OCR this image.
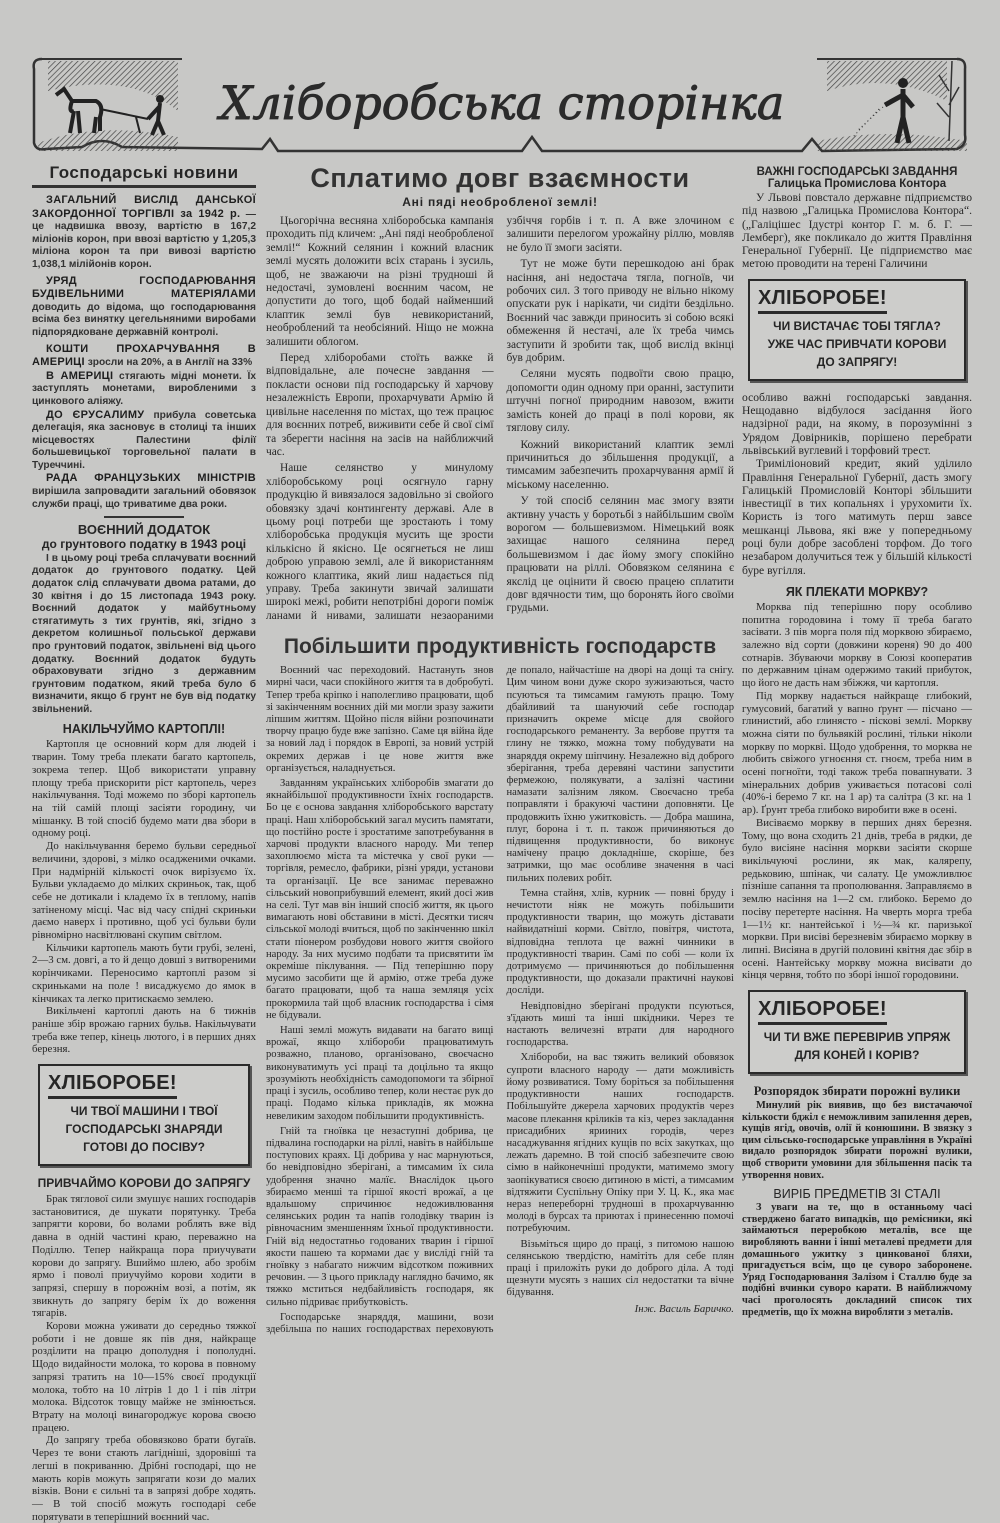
Хліборобська сторінка
Господарські новини

ЗАГАЛЬНИЙ ВИСЛІД ДАНСЬКОЇ ЗАКОРДОННОЇ ТОРГІВЛІ за 1942 р. — це надвишка ввозу, вартістю в 167,2 міліонів корон, при ввозі вартістю у 1,205,3 міліона корон та при вивозі вартістю 1,038,1 мілійонів корон.

УРЯД ГОСПОДАРЮВАННЯ БУДІВЕЛЬНИМИ МАТЕРІЯЛАМИ доводить до відома, що господарювання всіма без винятку цегельняними виробами підпорядковане державній контролі.

КОШТИ ПРОХАРЧУВАННЯ В АМЕРИЦІ зросли на 20%, а в Англії на 33%

В АМЕРИЦІ стягають мідні монети. Їх заступлять монетами, виробленими з цинкового аліяжу.

ДО ЄРУСАЛИМУ прибула советська делегація, яка засновує в столиці та інших місцевостях Палестини філії большевицької торговельної палати в Туреччині.

РАДА ФРАНЦУЗЬКИХ МІНІСТРІВ вирішила запровадити загальний обовязок служби праці, що триватиме два роки.

ВОЄННИЙ ДОДАТОК
до грунтового податку в 1943 році

І в цьому році треба сплачувати воєнний додаток до грунтового податку. Цей додаток слід сплачувати двома ратами, до 30 квітня і до 15 листопада 1943 року. Воєнний додаток у майбутньому стягатимуть з тих грунтів, які, згідно з декретом колишньої польської держави про грунтовий податок, звільнені від цього додатку. Воєнний додаток будуть обраховувати згідно з державним грунтовим податком, який треба було б визначити, якщо б грунт не був від податку звільнений.

НАКІЛЬЧУЙМО КАРТОПЛІ!

Картопля це основний корм для людей і тварин. Тому треба плекати багато картопель, зокрема тепер. Щоб використати управну площу треба прискорити ріст картопель, через накільчування. Тоді можемо по зборі картопель на тій самій площі засіяти городину, чи мішанку. В той спосіб будемо мати два збори в одному році.

До накільчування беремо бульви середньої величини, здорові, з мілко осадженими очками. При надмірній кількості очок вирізуємо їх. Бульви укладаємо до мілких скриньок, так, щоб себе не дотикали і кладемо їх в теплому, напів затіненому місці. Час від часу спідні скриньки даємо наверх і противно, щоб усі бульви були рівномірно насвітлювані скупим світлом.

Кільчики картопель мають бути грубі, зелені, 2—3 см. довгі, а то й дещо довші з витвореними корінчиками. Переносимо картоплі разом зі скриньками на поле ! висаджуємо до ямок в кінчиках та легко притискаємо землею.

Викільчені картоплі дають на 6 тижнів раніше збір врожаю гарних бульв. Накільчувати треба вже тепер, кінець лютого, і в перших днях березня.

ХЛІБОРОБЕ!
ЧИ ТВОЇ МАШИНИ І ТВОЇ
ГОСПОДАРСЬКІ ЗНАРЯДИ
ГОТОВІ ДО ПОСІВУ?
ПРИВЧАЙМО КОРОВИ ДО ЗАПРЯГУ

Брак тяглової сили змушує наших господарів застановитися, де шукати порятунку. Треба запрягти корови, бо волами роблять вже від давна в одній частині краю, переважно на Поділлю. Тепер найкраща пора приучувати корови до запрягу. Вшиймо шлею, або зробім ярмо і поволі приучуймо корови ходити в запрязі, спершу в порожнім возі, а потім, як звикнуть до запрягу берім їх до воження тягарів.

Корови можна уживати до середньо тяжкої роботи і не довше як пів дня, найкраще розділити на працю дополудня і пополудні. Щодо видайности молока, то корова в повному запрязі тратить на 10—15% своєї продукції молока, тобто на 10 літрів 1 до 1 і пів літри молока. Відсоток товщу майже не змінюється. Втрату на молоці винагороджує корова своєю працею.

До запрягу треба обовязково брати бугаїв. Через те вони стають лагідніші, здоровіші та легші в покриванню. Дрібні господарі, що не мають корів можуть запрягати кози до малих візків. Вони є сильні та в запрязі добре ходять. — В той спосіб можуть господарі себе порятувати в теперішний воєнний час.

Сплатимо довг взаємности
Ані пяді необробленої землі!

Цьогорічна весняна хліборобська кампанія проходить під кличем: „Ані пяді необробленої землі!“ Кожний селянин і кожний власник землі мусять доложити всіх старань і зусиль, щоб, не зважаючи на різні трудноші й недостачі, зумовлені воєнним часом, не допустити до того, щоб бодай найменший клаптик землі був невикористаний, необроблений та необсіяний. Ніщо не можна залишити облогом.

Перед хліборобами стоїть важке й відповідальне, але почесне завдання — покласти основи під господарську й харчову незалежність Европи, прохарчувати Армію й цивільне населення по містах, що теж працює для воєнних потреб, виживити себе й свої сімї та зберегти насіння на засів на найближчий час.

Наше селянство у минулому хліборобському році осягнуло гарну продукцію й вивязалося задовільно зі свойого обовязку здачі контингенту державі. Але в цьому році потреби ще зростають і тому хліборобська продукція мусить ще зрости кількісно й якісно. Це осягнеться не лиш доброю управою землі, але й використанням кожного клаптика, який лиш надається під управу. Треба закинути звичай залишати широкі межі, робити непотрібні дороги поміж ланами й нивами, залишати незаораними узбіччя горбів і т. п. А вже злочином є залишити перелогом урожайну ріллю, мовляв не було її змоги засіяти.

Тут не може бути перешкодою ані брак насіння, ані недостача тягла, погноїв, чи робочих сил. З того приводу не вільно нікому опускати рук і нарікати, чи сидіти бездільно. Воєнний час завжди приносить зі собою всякі обмеження й нестачі, але їх треба чимсь заступити й зробити так, щоб вислід вкінці був добрим.

Селяни мусять подвоїти свою працю, допомогти один одному при оранні, заступити штучні погної природним навозом, вжити замість коней до праці в полі корови, як тяглову силу.

Кожний використаний клаптик землі причиниться до збільшення продукції, а тимсамим забезпечить прохарчування армії й міському населенню.

У той спосіб селянин має змогу взяти активну участь у боротьбі з найбільшим своїм ворогом — большевизмом. Німецький вояк захищає нашого селянина перед большевизмом і дає йому змогу спокійно працювати на ріллі. Обовязком селянина є якслід це оцінити й своєю працею сплатити довг вдячности тим, що боронять його своїми грудьми.

Побільшити продуктивність господарств

Воєнний час переходовий. Настануть знов мирні часи, часи спокійного життя та в добробуті. Тепер треба кріпко і наполегливо працювати, щоб зі закінченням воєнних дій ми могли зразу зажити ліпшим життям. Щойно після війни розпочинати творчу працю буде вже запізно. Саме ця війна йде за новий лад і порядок в Европі, за новий устрій окремих держав і це нове життя вже організується, наладнується.

Завданням українських хліборобів змагати до якнайбільшої продуктивности їхніх господарств. Бо це є основа завдання хліборобського варстату праці. Наш хліборобський загал мусить памятати, що постійно росте і зростатиме запотребування в харчові продукти власного народу. Ми тепер захоплюємо міста та містечка у свої руки — торгівля, ремесло, фабрики, різні уряди, установи та організації. Це все занимає переважно сільський новоприбувший елемент, який досі жив на селі. Тут мав він інший спосіб життя, як цього вимагають нові обставини в місті. Десятки тисяч сільської молоді вчиться, щоб по закінченню шкіл стати піонером розбудови нового життя свойого народу. За них мусимо подбати та присвятити їм окреміше піклування. — Під теперішню пору мусимо засобити ще й армію, отже треба дуже багато працювати, щоб та наша земляця усіх прокормила тай щоб власник господарства і сімя не бідували.

Наші землі можуть видавати на багато вищі врожаї, якщо хлібороби працюватимуть розважно, планово, організовано, своєчасно виконуватимуть усі праці та доцільно та якщо зрозуміють необхідність самодопомоги та збірної праці і зусиль, особливо тепер, коли нестає рук до праці. Подамо кілька прикладів, як можна невеликим заходом побільшити продуктивність.

Гній та гноївка це незаступні добрива, це підвалина господарки на ріллі, навіть в найбільше поступових краях. Ці добрива у нас марнуються, бо невідповідно зберігані, а тимсамим їх сила удобрення значно малїє. Внаслідок цього збираємо менші та гіршої якості врожаї, а це вдальшому спричинює недоживлювання селянських родин та напів голодівку тварин із рівночасним зменшенням їхньої продуктивности. Гній від недостатньо годованих тварин і гіршої якости пашею та кормами дає у висліді гній та гноївку з набагато нижчим відсотком поживних речовин. — З цього прикладу наглядно бачимо, як тяжко мститься недбайливість господаря, як сильно підриває прибутковість.

Господарське знаряддя, машини, вози здебільша по наших господарствах переховують де попало, найчастіше на дворі на дощі та снігу. Цим чином вони дуже скоро зужиэаються, часто псуються та тимсамим гамують працю. Тому дбайливий та шануючий себе господар призначить окреме місце для свойого господарського реманенту. За вербове пруття та глину не тяжко, можна тому побудувати на знаряддя окрему шіпчину. Незалежно від доброго зберігання, треба деревяні частини запустити фермежою, полякувати, а залізні частини намазати залізним ляком. Своєчасно треба поправляти і бракуючі частини доповняти. Це продовжить їхню ужитковість. — Добра машина, плуг, борона і т. п. також причиняються до підвищення продуктивности, бо виконує намічену працю докладніше, скоріше, без затримки, що має особливе значення в часі пильних полевих робіт.

Темна стайня, хлів, курник — повні бруду і нечистоти ніяк не можуть побільшити продуктивности тварин, що можуть діставати найвидатніші корми. Світло, повітря, чистота, відповідна теплота це важні чинники в продуктивності тварин. Самі по собі — коли їх дотримуємо — причиняються до побільшення продуктивности, що доказали практичні наукові досліди.

Невідповідно зберігані продукти псуються, з'їдають миші та інші шкідники. Через те настають величезні втрати для народного господарства.

Хлібороби, на вас тяжить великий обовязок супроти власного народу — дати можливість йому розвиватися. Тому боріться за побільшення продуктивности наших господарств. Побільшуйте джерела харчових продуктів через масове плекання кріликів та кіз, через закладання присадибних ярииних городів, через насаджування ягідних кущів по всіх закутках, що лежать даремно. В той спосіб забезпечите свою сімю в найконечніші продукти, матимемо змогу заопікуватися своєю дитиною в місті, а тимсамим відтяжити Суспільну Опіку при У. Ц. К., яка має нераз непереборні трудноші в прохарчуванню молоді в бурсах та приютах і принесенню помочі потребуючим.

Візьміться щиро до праці, з питомою нашою селянською твердістю, намітіть для себе плян праці і приложіть руки до доброго діла. А тоді щезнути мусять з наших сіл недостатки та вічне бідування.

Інж. Василь Баричко.
ВАЖНІ ГОСПОДАРСЬКІ ЗАВДАННЯ
Галицька Промислова Контора

У Львові повстало державне підприємство під назвою „Галицька Промислова Контора“. („Галіцішес Ідустрі контор Г. м. б. Г. — Лемберг), яке покликало до життя Правління Генеральної Губернії. Це підприємство має метою проводити на терені Галичини

ХЛІБОРОБЕ!
ЧИ ВИСТАЧАЄ ТОБІ ТЯГЛА?
УЖЕ ЧАС ПРИВЧАТИ КОРОВИ
ДО ЗАПРЯГУ!

особливо важні господарські завдання. Нещодавно відбулося засідання його надзірної ради, на якому, в порозумінні з Урядом Довірників, порішено перебрати львівський вуглевий і торфовий трест.

Триміліоновий кредит, який уділило Правління Генеральної Губернії, дасть змогу Галицькій Промисловій Конторі збільшити інвестиції в тих копальнях і урухомити їх. Користь із того матимуть перш завсе мешканці Львова, які вже у попередньому році були добре засоблені торфом. До того незабаром долучиться теж у більшій кількості буре вугілля.

ЯК ПЛЕКАТИ МОРКВУ?

Морква під теперішню пору особливо попитна городовина і тому її треба багато засівати. З пів морга поля під морквою збираємо, залежно від сорти (довжини кореня) 90 до 400 сотнарів. Збуваючи моркву в Союзі кооператив по державним цінам одержимо такий прибуток, що його не дасть нам збіжжя, чи картопля.

Під моркву надається найкраще глибокий, гумусовий, багатий у вапно ґрунт — пісчано — глинистий, або глинясто - піскові землі. Моркву можна сіяти по бульвякій рослині, тільки ніколи моркву по моркві. Щодо удобрення, то морква не любить свіжого угноєння ст. гноєм, треба ним в осені погноїти, тоді також треба повапнувати. З мінеральних добрив уживається потасові солі (40%-і беремо 7 кг. на 1 ар) та салітра (3 кг. на 1 ар). Ґрунт треба глибоко виробити вже в осені.

Висіваємо моркву в перших днях березня. Тому, що вона сходить 21 днів, треба в рядки, де було висіяне насіння моркви засіяти скорше викільчуючі рослини, як мак, калярепу, редьковию, шпінак, чи салату. Це уможливлює пізніше сапання та прополювання. Заправляємо в землю насіння на 1—2 см. глибоко. Беремо до посіву перетерте насіння. На чверть морга треба 1—1½ кг. нантейської і ½—¾ кг. паризької моркви. При висіві березневім збираємо моркву в липні. Висіяна в другій половині квітня дає збір в осені. Нантейську моркву можна висівати до кінця червня, тобто по зборі іншої городовини.

ХЛІБОРОБЕ!
ЧИ ТИ ВЖЕ ПЕРЕВІРИВ УПРЯЖ
ДЛЯ КОНЕЙ І КОРІВ?
Розпорядок збирати порожні вулики

Минулий рік виявив, що без вистачаючої кількости бджіл є неможливим запилення дерев, кущів ягід, овочів, олії й конюшини. В звязку з цим сільсько-господарське управління в Україні видало розпорядок збирати порожні вулики, щоб створити умовини для збільшення пасік та утворення нових.

ВИРІБ ПРЕДМЕТІВ ЗІ СТАЛІ

З уваги на те, що в останньому часі стверджено багато випадків, що ремісники, які займаються переробкою металів, все ще виробляють ванни і інші металеві предмети для домашнього ужитку з цинкованої бляхи, пригадується всім, що це суворо заборонене. Уряд Господарювання Залізом і Сталлю буде за подібні вчинки суворо карати. В найближчому часі проголосять докладний список тих предметів, що їх можна виробляти з металів.
